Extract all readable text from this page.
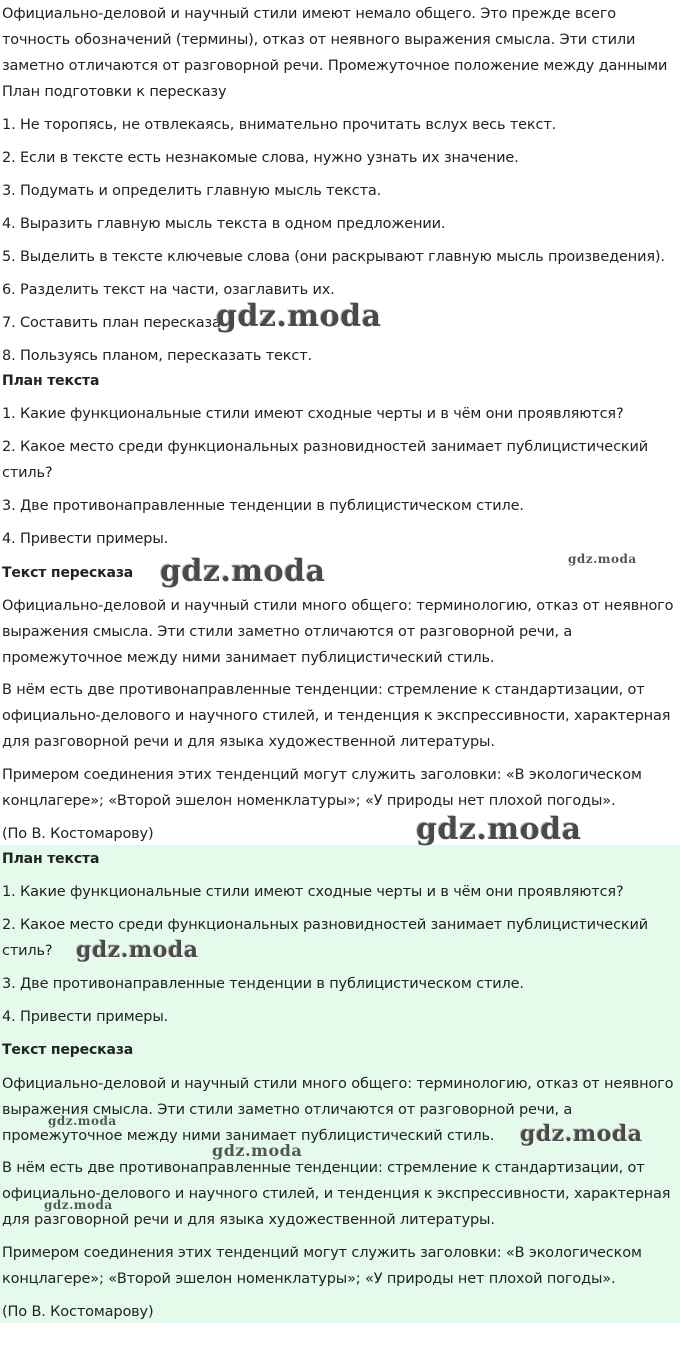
Официально-деловой и научный стили имеют немало общего. Это прежде всего
точность обозначений (термины), отказ от неявного выражения смысла. Эти стили
заметно отличаются от разговорной речи. Промежуточное положение между данными
План подготовки к пересказу
1. Не торопясь, не отвлекаясь, внимательно прочитать вслух весь текст.
2. Если в тексте есть незнакомые слова, нужно узнать их значение.
3. Подумать и определить главную мысль текста.
4. Выразить главную мысль текста в одном предложении.
5. Выделить в тексте ключевые слова (они раскрывают главную мысль произведения).
6. Разделить текст на части, озаглавить их.
7. Составить план пересказа.
8. Пользуясь планом, пересказать текст.
План текста
1. Какие функциональные стили имеют сходные черты и в чём они проявляются?
2. Какое место среди функциональных разновидностей занимает публицистический
стиль?
3. Две противонаправленные тенденции в публицистическом стиле.
4. Привести примеры.
Текст пересказа
Официально-деловой и научный стили много общего: терминологию, отказ от неявного
выражения смысла. Эти стили заметно отличаются от разговорной речи, а
промежуточное между ними занимает публицистический стиль.
В нём есть две противонаправленные тенденции: стремление к стандартизации, от
официально-делового и научного стилей, и тенденция к экспрессивности, характерная
для разговорной речи и для языка художественной литературы.
Примером соединения этих тенденций могут служить заголовки: «В экологическом
концлагере»; «Второй эшелон номенклатуры»; «У природы нет плохой погоды».
(По В. Костомарову)
План текста
1. Какие функциональные стили имеют сходные черты и в чём они проявляются?
2. Какое место среди функциональных разновидностей занимает публицистический
стиль?
3. Две противонаправленные тенденции в публицистическом стиле.
4. Привести примеры.
Текст пересказа
Официально-деловой и научный стили много общего: терминологию, отказ от неявного
выражения смысла. Эти стили заметно отличаются от разговорной речи, а
промежуточное между ними занимает публицистический стиль.
В нём есть две противонаправленные тенденции: стремление к стандартизации, от
официально-делового и научного стилей, и тенденция к экспрессивности, характерная
для разговорной речи и для языка художественной литературы.
Примером соединения этих тенденций могут служить заголовки: «В экологическом
концлагере»; «Второй эшелон номенклатуры»; «У природы нет плохой погоды».
(По В. Костомарову)
gdz.moda
gdz.moda	gdz.moda
gdz.moda
gdz.moda
gdz.moda	gdz.moda
gdz.moda
gdz.moda
